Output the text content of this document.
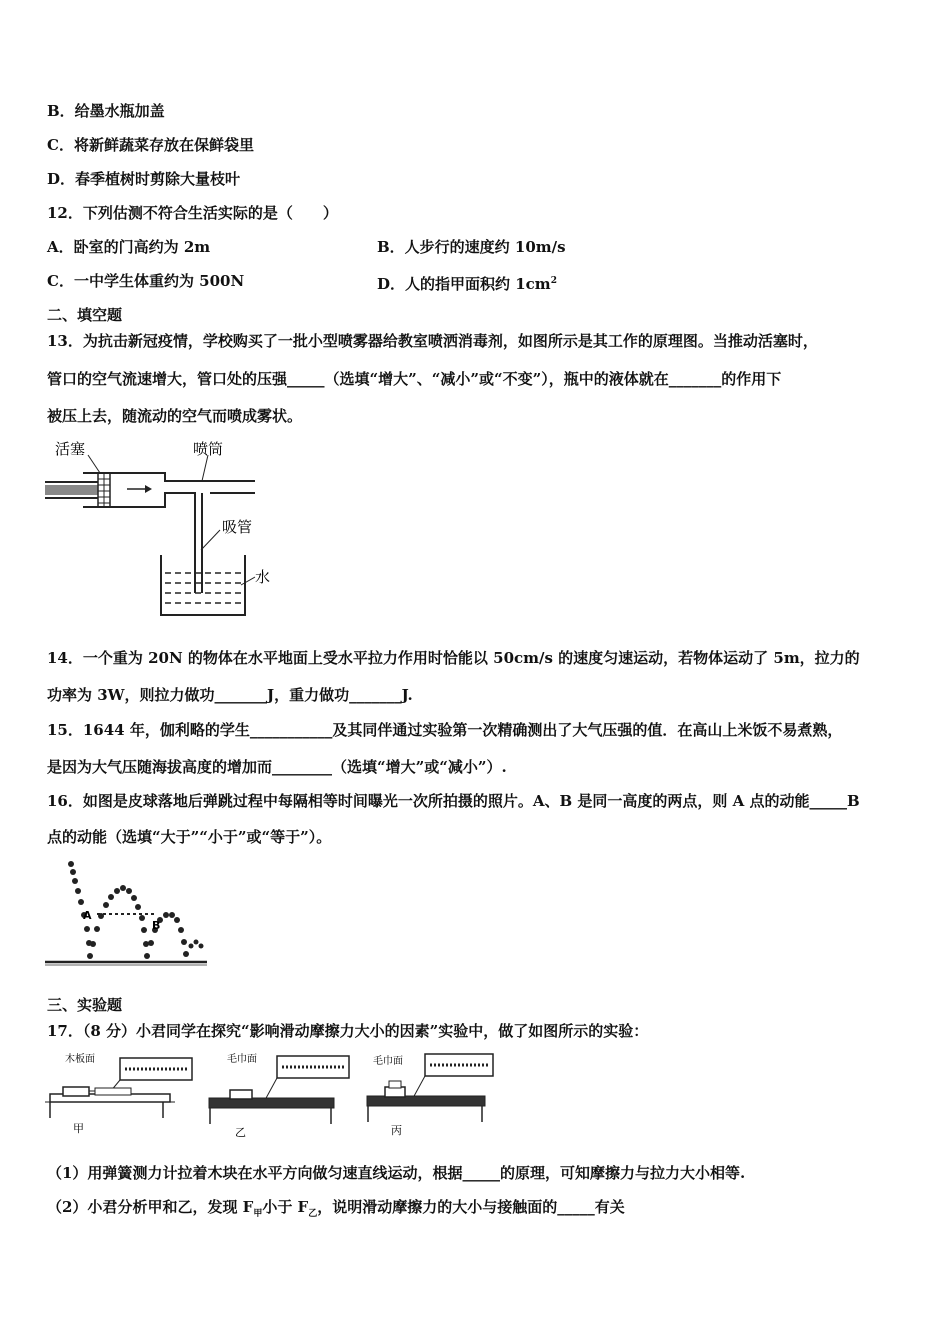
B．给墨水瓶加盖
C．将新鲜蔬菜存放在保鲜袋里
D．春季植树时剪除大量枝叶
12．下列估测不符合生活实际的是（　　）
A．卧室的门高约为 2m	B．人步行的速度约 10m/s
C．一中学生体重约为 500N	D．人的指甲面积约 $1cm^2$
二、填空题
13．为抗击新冠疫情，学校购买了一批小型喷雾器给教室喷洒消毒剂，如图所示是其工作的原理图。当推动活塞时，
管口的空气流速增大，管口处的压强_____（选填“增大”、“减小”或“不变”），瓶中的液体就在_______的作用下
被压上去，随流动的空气而喷成雾状。
活塞	喷筒
吸管
水
14．一个重为 20N 的物体在水平地面上受水平拉力作用时恰能以 50cm/s 的速度匀速运动，若物体运动了 5m，拉力的
功率为 3W，则拉力做功_______J，重力做功_______J.
15．1644 年，伽利略的学生___________及其同伴通过实验第一次精确测出了大气压强的值．在高山上米饭不易煮熟，
是因为大气压随海拔高度的增加而________（选填“增大”或“减小”）.
16．如图是皮球落地后弹跳过程中每隔相等时间曝光一次所拍摄的照片。A、B 是同一高度的两点，则 A 点的动能_____B
点的动能（选填“大于”“小于”或“等于”）。
A
B
三、实验题
17．（8 分）小君同学在探究“影响滑动摩擦力大小的因素”实验中，做了如图所示的实验：
木板面
甲
毛巾面
乙
毛巾面
丙
（1）用弹簧测力计拉着木块在水平方向做匀速直线运动，根据_____的原理，可知摩擦力与拉力大小相等.
（2）小君分析甲和乙，发现 $F_甲$小于 $F_乙$，说明滑动摩擦力的大小与接触面的_____有关
